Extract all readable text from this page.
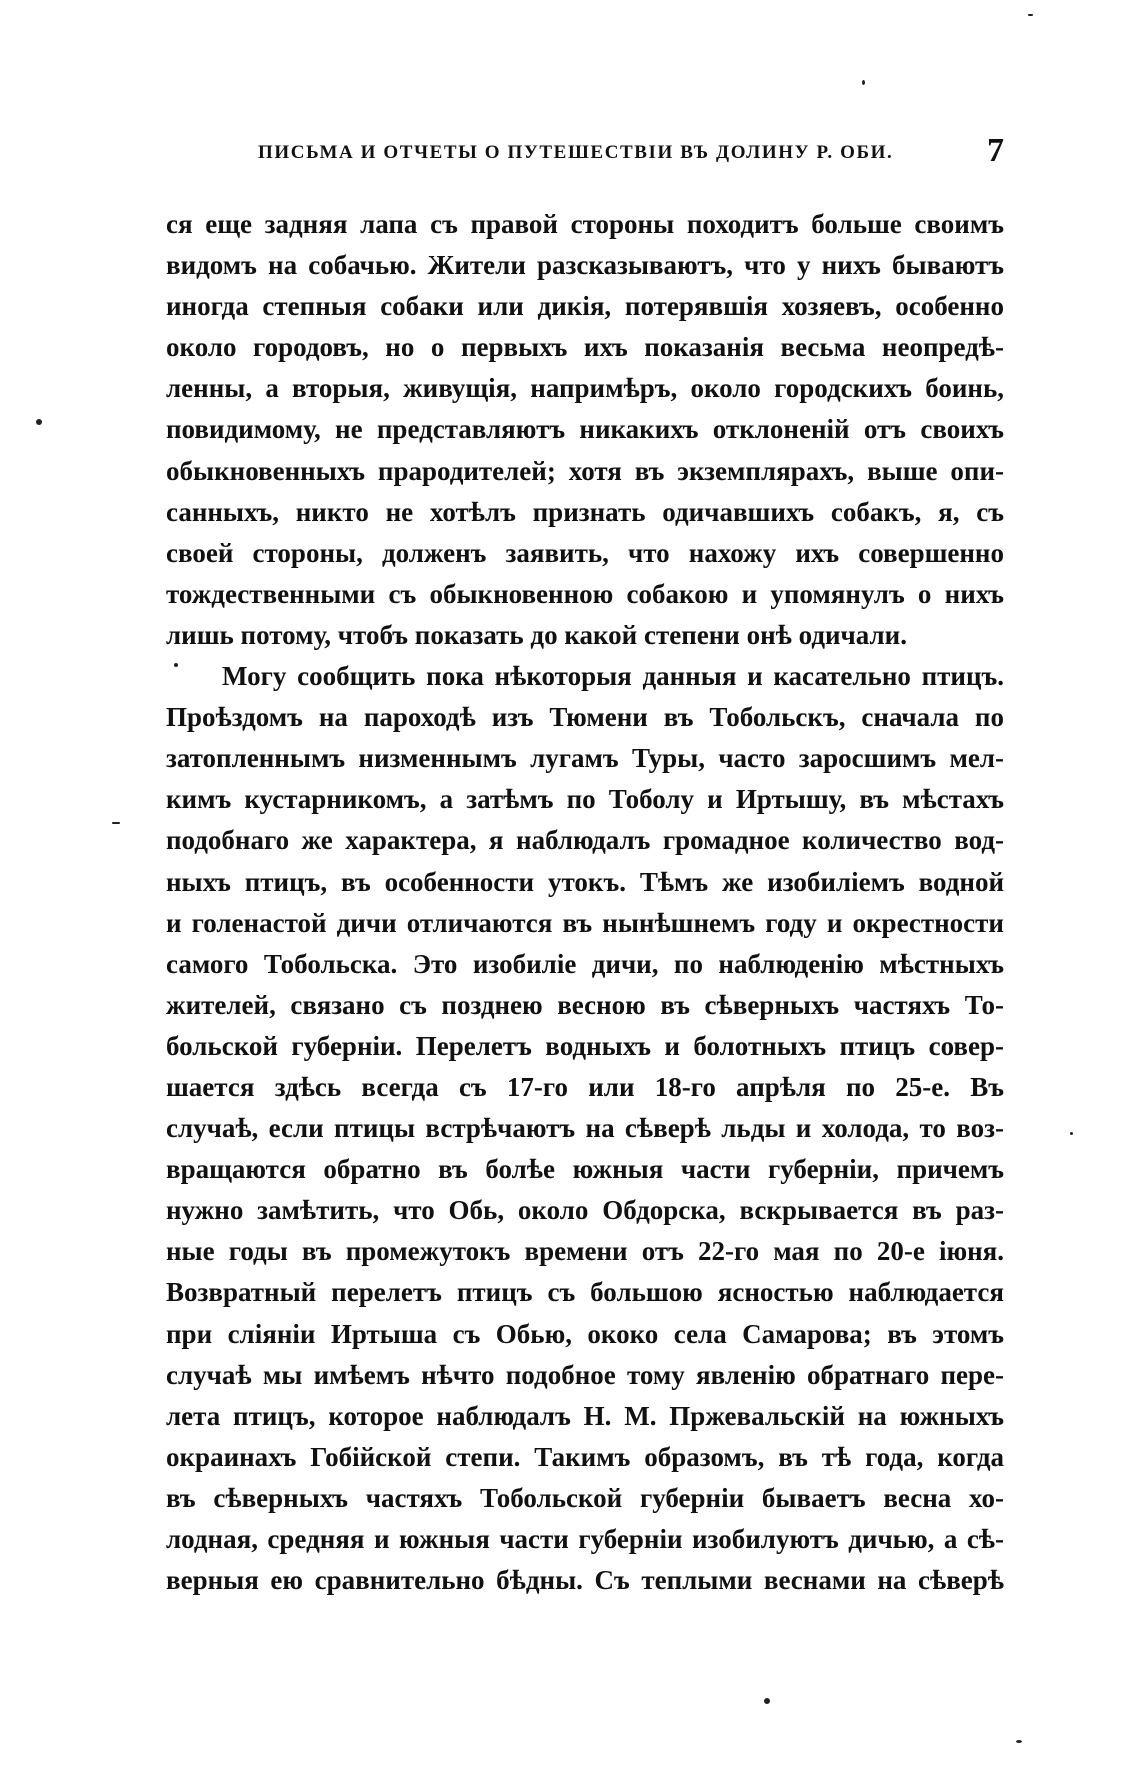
ПИСЬМА И ОТЧЕТЫ О ПУТЕШЕСТВІИ ВЪ ДОЛИНУ Р. ОБИ.	7
ся еще задняя лапа съ правой стороны походитъ больше своимъ
видомъ на собачью. Жители разсказываютъ, что у нихъ бываютъ
иногда степныя собаки или дикія, потерявшія хозяевъ, особенно
около городовъ, но о первыхъ ихъ показанія весьма неопредѣ-
ленны, а вторыя, живущія, напримѣръ, около городскихъ боинь,
повидимому, не представляютъ никакихъ отклоненій отъ своихъ
обыкновенныхъ прародителей; хотя въ экземплярахъ, выше опи-
санныхъ, никто не хотѣлъ признать одичавшихъ собакъ, я, съ
своей стороны, долженъ заявить, что нахожу ихъ совершенно
тождественными съ обыкновенною собакою и упомянулъ о нихъ
лишь потому, чтобъ показать до какой степени онѣ одичали.
Могу сообщить пока нѣкоторыя данныя и касательно птицъ.
Проѣздомъ на пароходѣ изъ Тюмени въ Тобольскъ, сначала по
затопленнымъ низменнымъ лугамъ Туры, часто заросшимъ мел-
кимъ кустарникомъ, а затѣмъ по Тоболу и Иртышу, въ мѣстахъ
подобнаго же характера, я наблюдалъ громадное количество вод-
ныхъ птицъ, въ особенности утокъ. Тѣмъ же изобиліемъ водной
и голенастой дичи отличаются въ нынѣшнемъ году и окрестности
самого Тобольска. Это изобиліе дичи, по наблюденію мѣстныхъ
жителей, связано съ позднею весною въ сѣверныхъ частяхъ То-
больской губерніи. Перелетъ водныхъ и болотныхъ птицъ совер-
шается здѣсь всегда съ 17-го или 18-го апрѣля по 25-е. Въ
случаѣ, если птицы встрѣчаютъ на сѣверѣ льды и холода, то воз-
вращаются обратно въ болѣе южныя части губерніи, причемъ
нужно замѣтить, что Обь, около Обдорска, вскрывается въ раз-
ные годы въ промежутокъ времени отъ 22-го мая по 20-е іюня.
Возвратный перелетъ птицъ съ большою ясностью наблюдается
при сліяніи Иртыша съ Обью, ококо села Самарова; въ этомъ
случаѣ мы имѣемъ нѣчто подобное тому явленію обратнаго пере-
лета птицъ, которое наблюдалъ Н. М. Пржевальскій на южныхъ
окраинахъ Гобійской степи. Такимъ образомъ, въ тѣ года, когда
въ сѣверныхъ частяхъ Тобольской губерніи бываетъ весна хо-
лодная, средняя и южныя части губерніи изобилуютъ дичью, а сѣ-
верныя ею сравнительно бѣдны. Съ теплыми веснами на сѣверѣ
